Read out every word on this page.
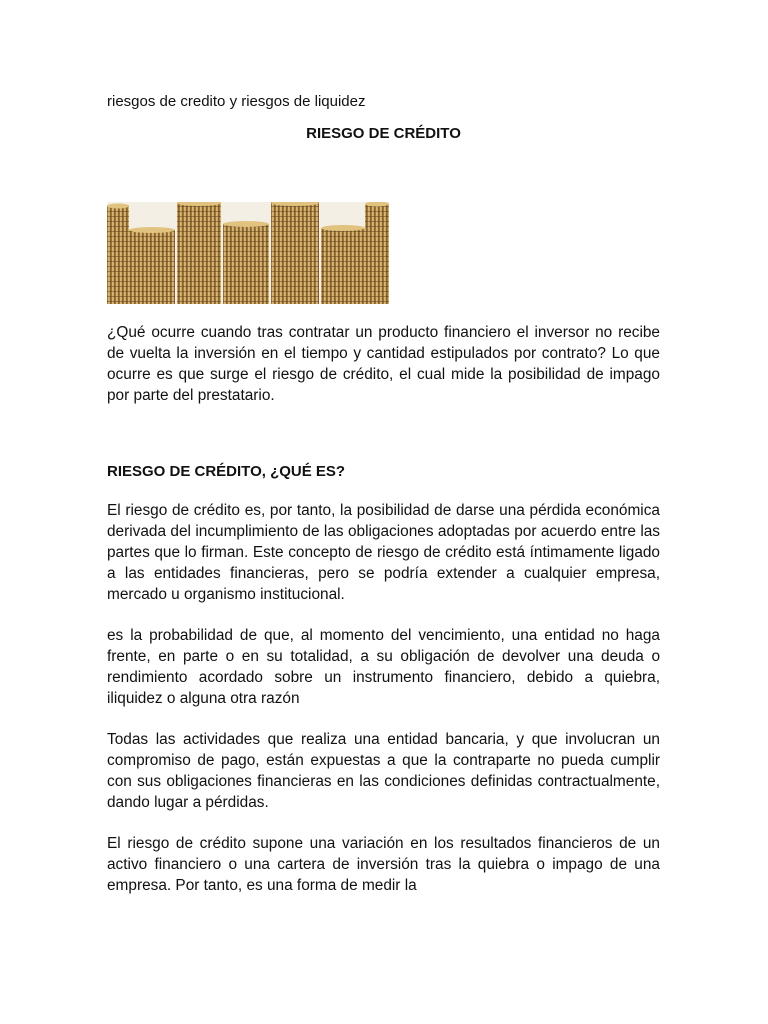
riesgos de credito y riesgos de liquidez

RIESGO DE CRÉDITO

¿Qué ocurre cuando tras contratar un producto financiero el inversor no recibe de vuelta la inversión en el tiempo y cantidad estipulados por contrato? Lo que ocurre es que surge el riesgo de crédito, el cual mide la posibilidad de impago por parte del prestatario.

RIESGO DE CRÉDITO, ¿QUÉ ES?

El riesgo de crédito es, por tanto, la posibilidad de darse una pérdida económica derivada del incumplimiento de las obligaciones adoptadas por acuerdo entre las partes que lo firman. Este concepto de riesgo de crédito está íntimamente ligado a las entidades financieras, pero se podría extender a cualquier empresa, mercado u organismo institucional.

es la probabilidad de que, al momento del vencimiento, una entidad no haga frente, en parte o en su totalidad, a su obligación de devolver una deuda o rendimiento acordado sobre un instrumento financiero, debido a quiebra, iliquidez o alguna otra razón

Todas las actividades que realiza una entidad bancaria, y que involucran un compromiso de pago, están expuestas a que la contraparte no pueda cumplir con sus obligaciones financieras en las condiciones definidas contractualmente, dando lugar a pérdidas.

El riesgo de crédito supone una variación en los resultados financieros de un activo financiero o una cartera de inversión tras la quiebra o impago de una empresa. Por tanto, es una forma de medir la
